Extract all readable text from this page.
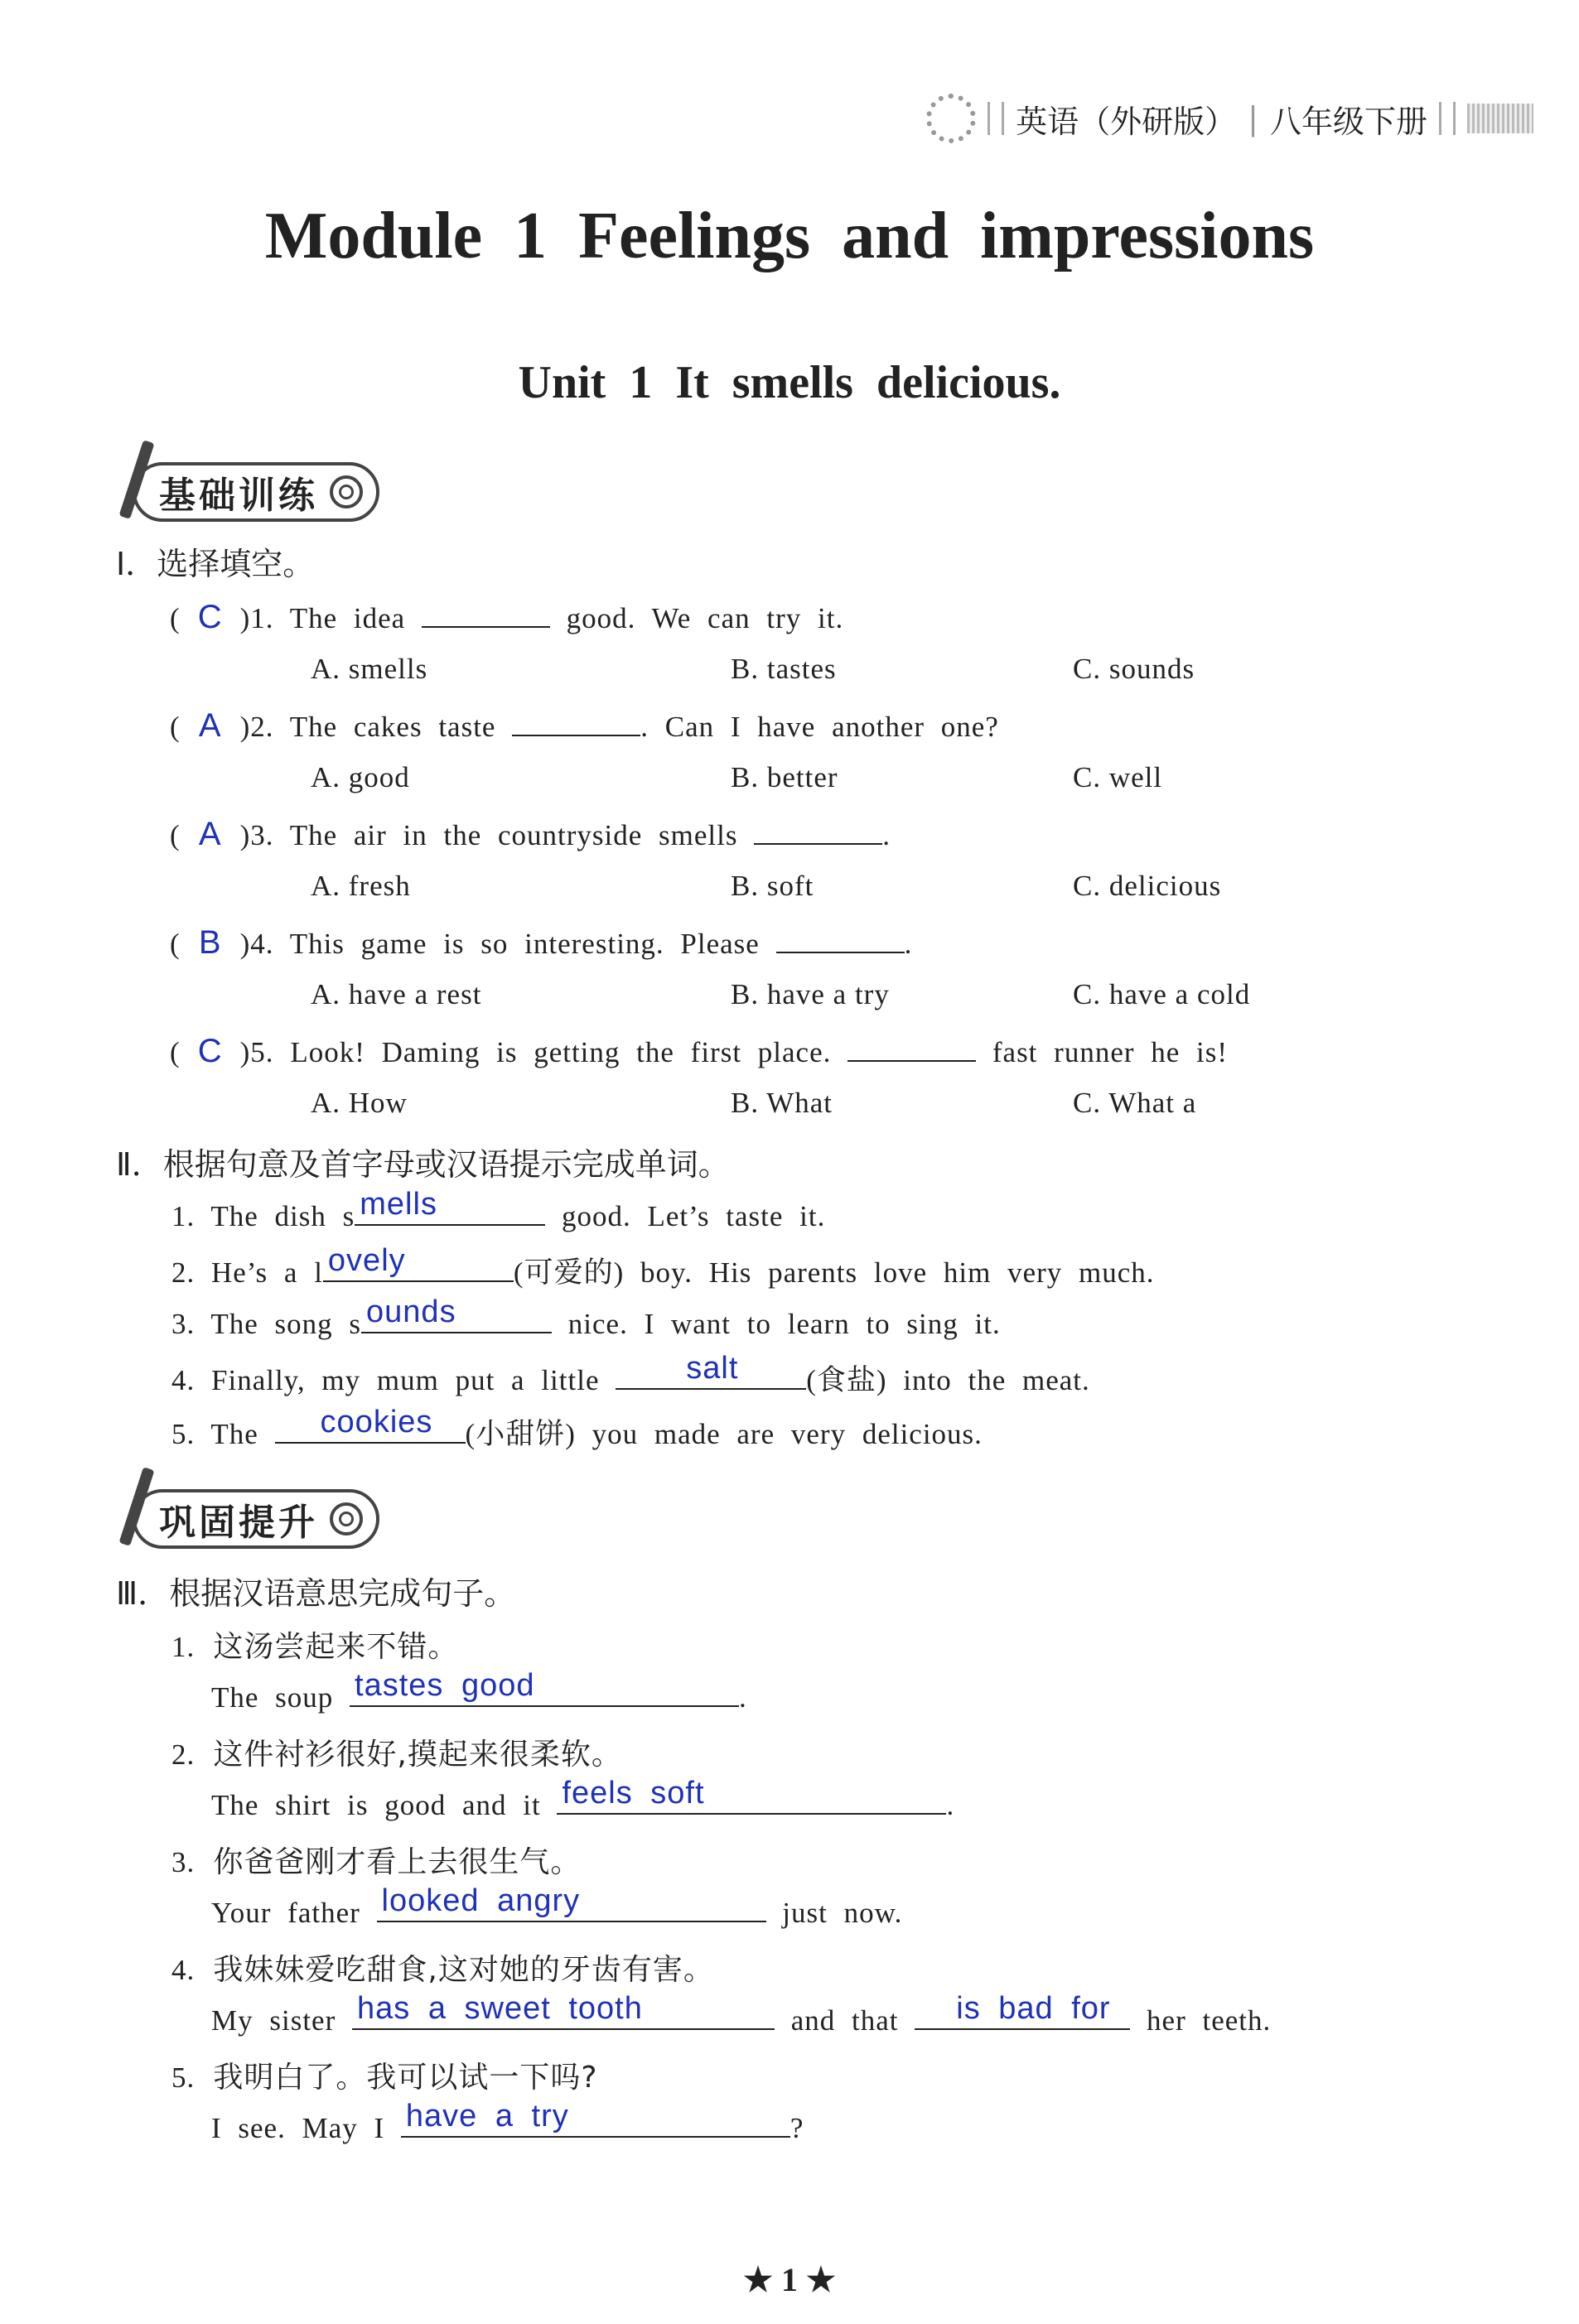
英语（外研版） | 八年级下册
Module 1 Feelings and impressions
Unit 1 It smells delicious.
基础训练
Ⅰ．选择填空。
( C )1. The idea	good. We can try it.
A. smells	B. tastes	C. sounds
( A )2. The cakes taste	. Can I have another one?
A. good	B. better	C. well
( A )3. The air in the countryside smells	.
A. fresh	B. soft	C. delicious
( B )4. This game is so interesting. Please	.
A. have a rest	B. have a try	C. have a cold
( C )5. Look! Daming is getting the first place.	fast runner he is!
A. How	B. What	C. What a
Ⅱ．根据句意及首字母或汉语提示完成单词。
1. The dish s mells	good. Let’s taste it.
2. He’s a l ovely	(可爱的) boy. His parents love him very much.
3. The song s ounds	nice. I want to learn to sing it.
4. Finally, my mum put a little	salt (食盐) into the meat.
5. The cookies (小甜饼) you made are very delicious.
巩固提升
Ⅲ．根据汉语意思完成句子。
1. 这汤尝起来不错。
The soup tastes good	.
2. 这件衬衫很好,摸起来很柔软。
The shirt is good and it feels soft	.
3. 你爸爸刚才看上去很生气。
Your father looked angry	just now.
4. 我妹妹爱吃甜食,这对她的牙齿有害。
My sister has a sweet tooth	and that is bad for her teeth.
5. 我明白了。我可以试一下吗?
I see. May I have a try	?
★ 1 ★
